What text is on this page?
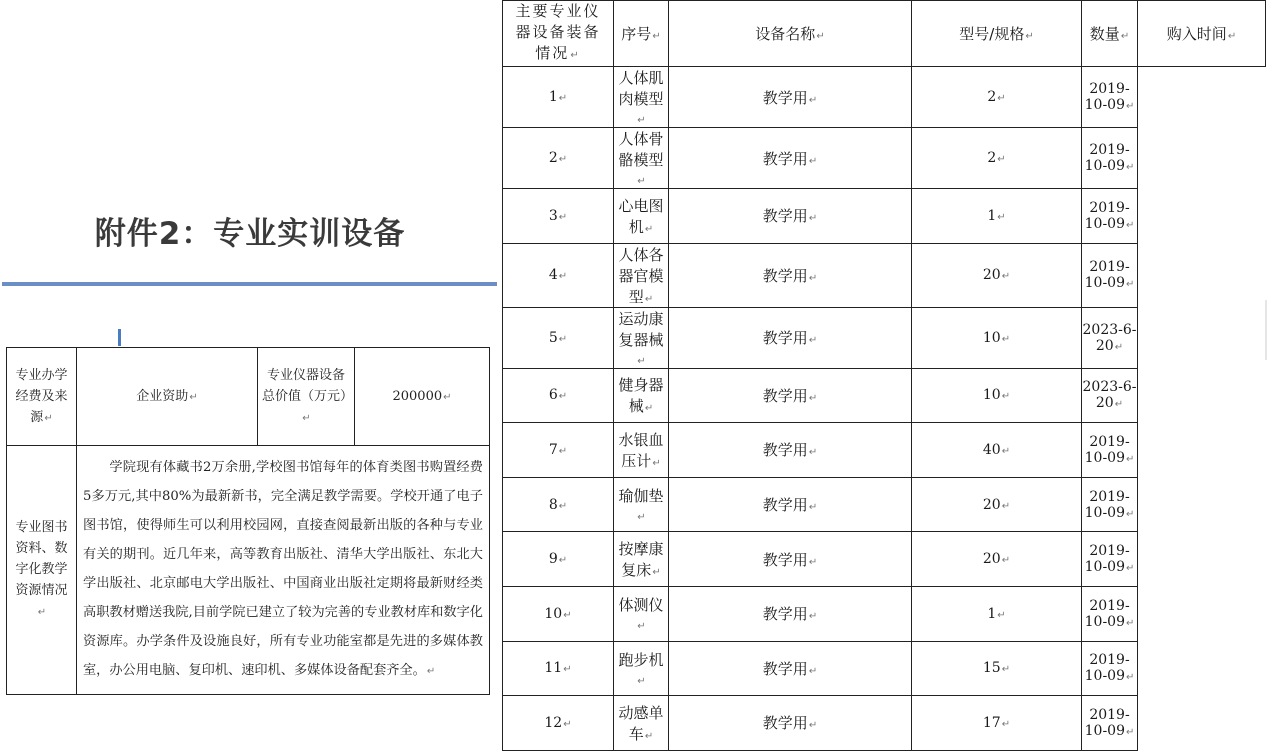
附件2：专业实训设备
专业办学经费及来源↵	企业资助↵	专业仪器设备总价值（万元）↵	200000↵
专业图书资料、数字化教学资源情况↵	学院现有体藏书2万余册,学校图书馆每年的体育类图书购置经费5多万元,其中80%为最新新书，完全满足教学需要。学校开通了电子图书馆，使得师生可以利用校园网，直接查阅最新出版的各种与专业有关的期刊。近几年来，高等教育出版社、清华大学出版社、东北大学出版社、北京邮电大学出版社、中国商业出版社定期将最新财经类高职教材赠送我院,目前学院已建立了较为完善的专业教材库和数字化资源库。办学条件及设施良好，所有专业功能室都是先进的多媒体教室，办公用电脑、复印机、速印机、多媒体设备配套齐全。↵		
主要专业仪器设备装备情况↵	序号↵	设备名称↵	型号/规格↵	数量↵	购入时间↵
1↵	人体肌肉模型↵	教学用↵	2↵	2019-10-09↵	
2↵	人体骨骼模型↵	教学用↵	2↵	2019-10-09↵	
3↵	心电图机↵	教学用↵	1↵	2019-10-09↵	
4↵	人体各器官模型↵	教学用↵	20↵	2019-10-09↵	
5↵	运动康复器械↵	教学用↵	10↵	2023-6-20↵	
6↵	健身器械↵	教学用↵	10↵	2023-6-20↵	
7↵	水银血压计↵	教学用↵	40↵	2019-10-09↵	
8↵	瑜伽垫↵	教学用↵	20↵	2019-10-09↵	
9↵	按摩康复床↵	教学用↵	20↵	2019-10-09↵	
10↵	体测仪↵	教学用↵	1↵	2019-10-09↵	
11↵	跑步机↵	教学用↵	15↵	2019-10-09↵	
12↵	动感单车↵	教学用↵	17↵	2019-10-09↵	
